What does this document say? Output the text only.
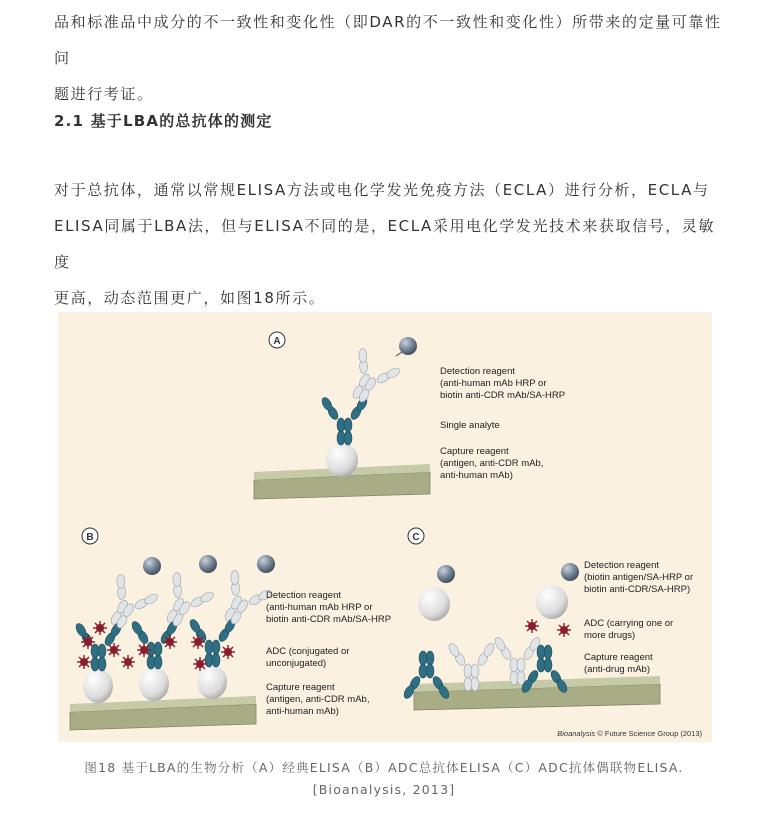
品和标准品中成分的不一致性和变化性（即DAR的不一致性和变化性）所带来的定量可靠性问
题进行考证。
2.1 基于LBA的总抗体的测定
对于总抗体，通常以常规ELISA方法或电化学发光免疫方法（ECLA）进行分析，ECLA与
ELISA同属于LBA法，但与ELISA不同的是，ECLA采用电化学发光技术来获取信号，灵敏度
更高，动态范围更广，如图18所示。
A
Detection reagent (anti-human mAb HRP or biotin anti-CDR mAb/SA-HRP
Single analyte
Capture reagent (antigen, anti-CDR mAb, anti-human mAb)
B
Detection reagent (anti-human mAb HRP or biotin anti-CDR mAb/SA-HRP
ADC (conjugated or unconjugated)
Capture reagent (antigen, anti-CDR mAb, anti-human mAb)
C
Detection reagent (biotin antigen/SA-HRP or biotin anti-CDR/SA-HRP)
ADC (carrying one or more drugs)
Capture reagent (anti-drug mAb)
Bioanalysis © Future Science Group (2013)
图18 基于LBA的生物分析（A）经典ELISA（B）ADC总抗体ELISA（C）ADC抗体偶联物ELISA.
[Bioanalysis, 2013]
